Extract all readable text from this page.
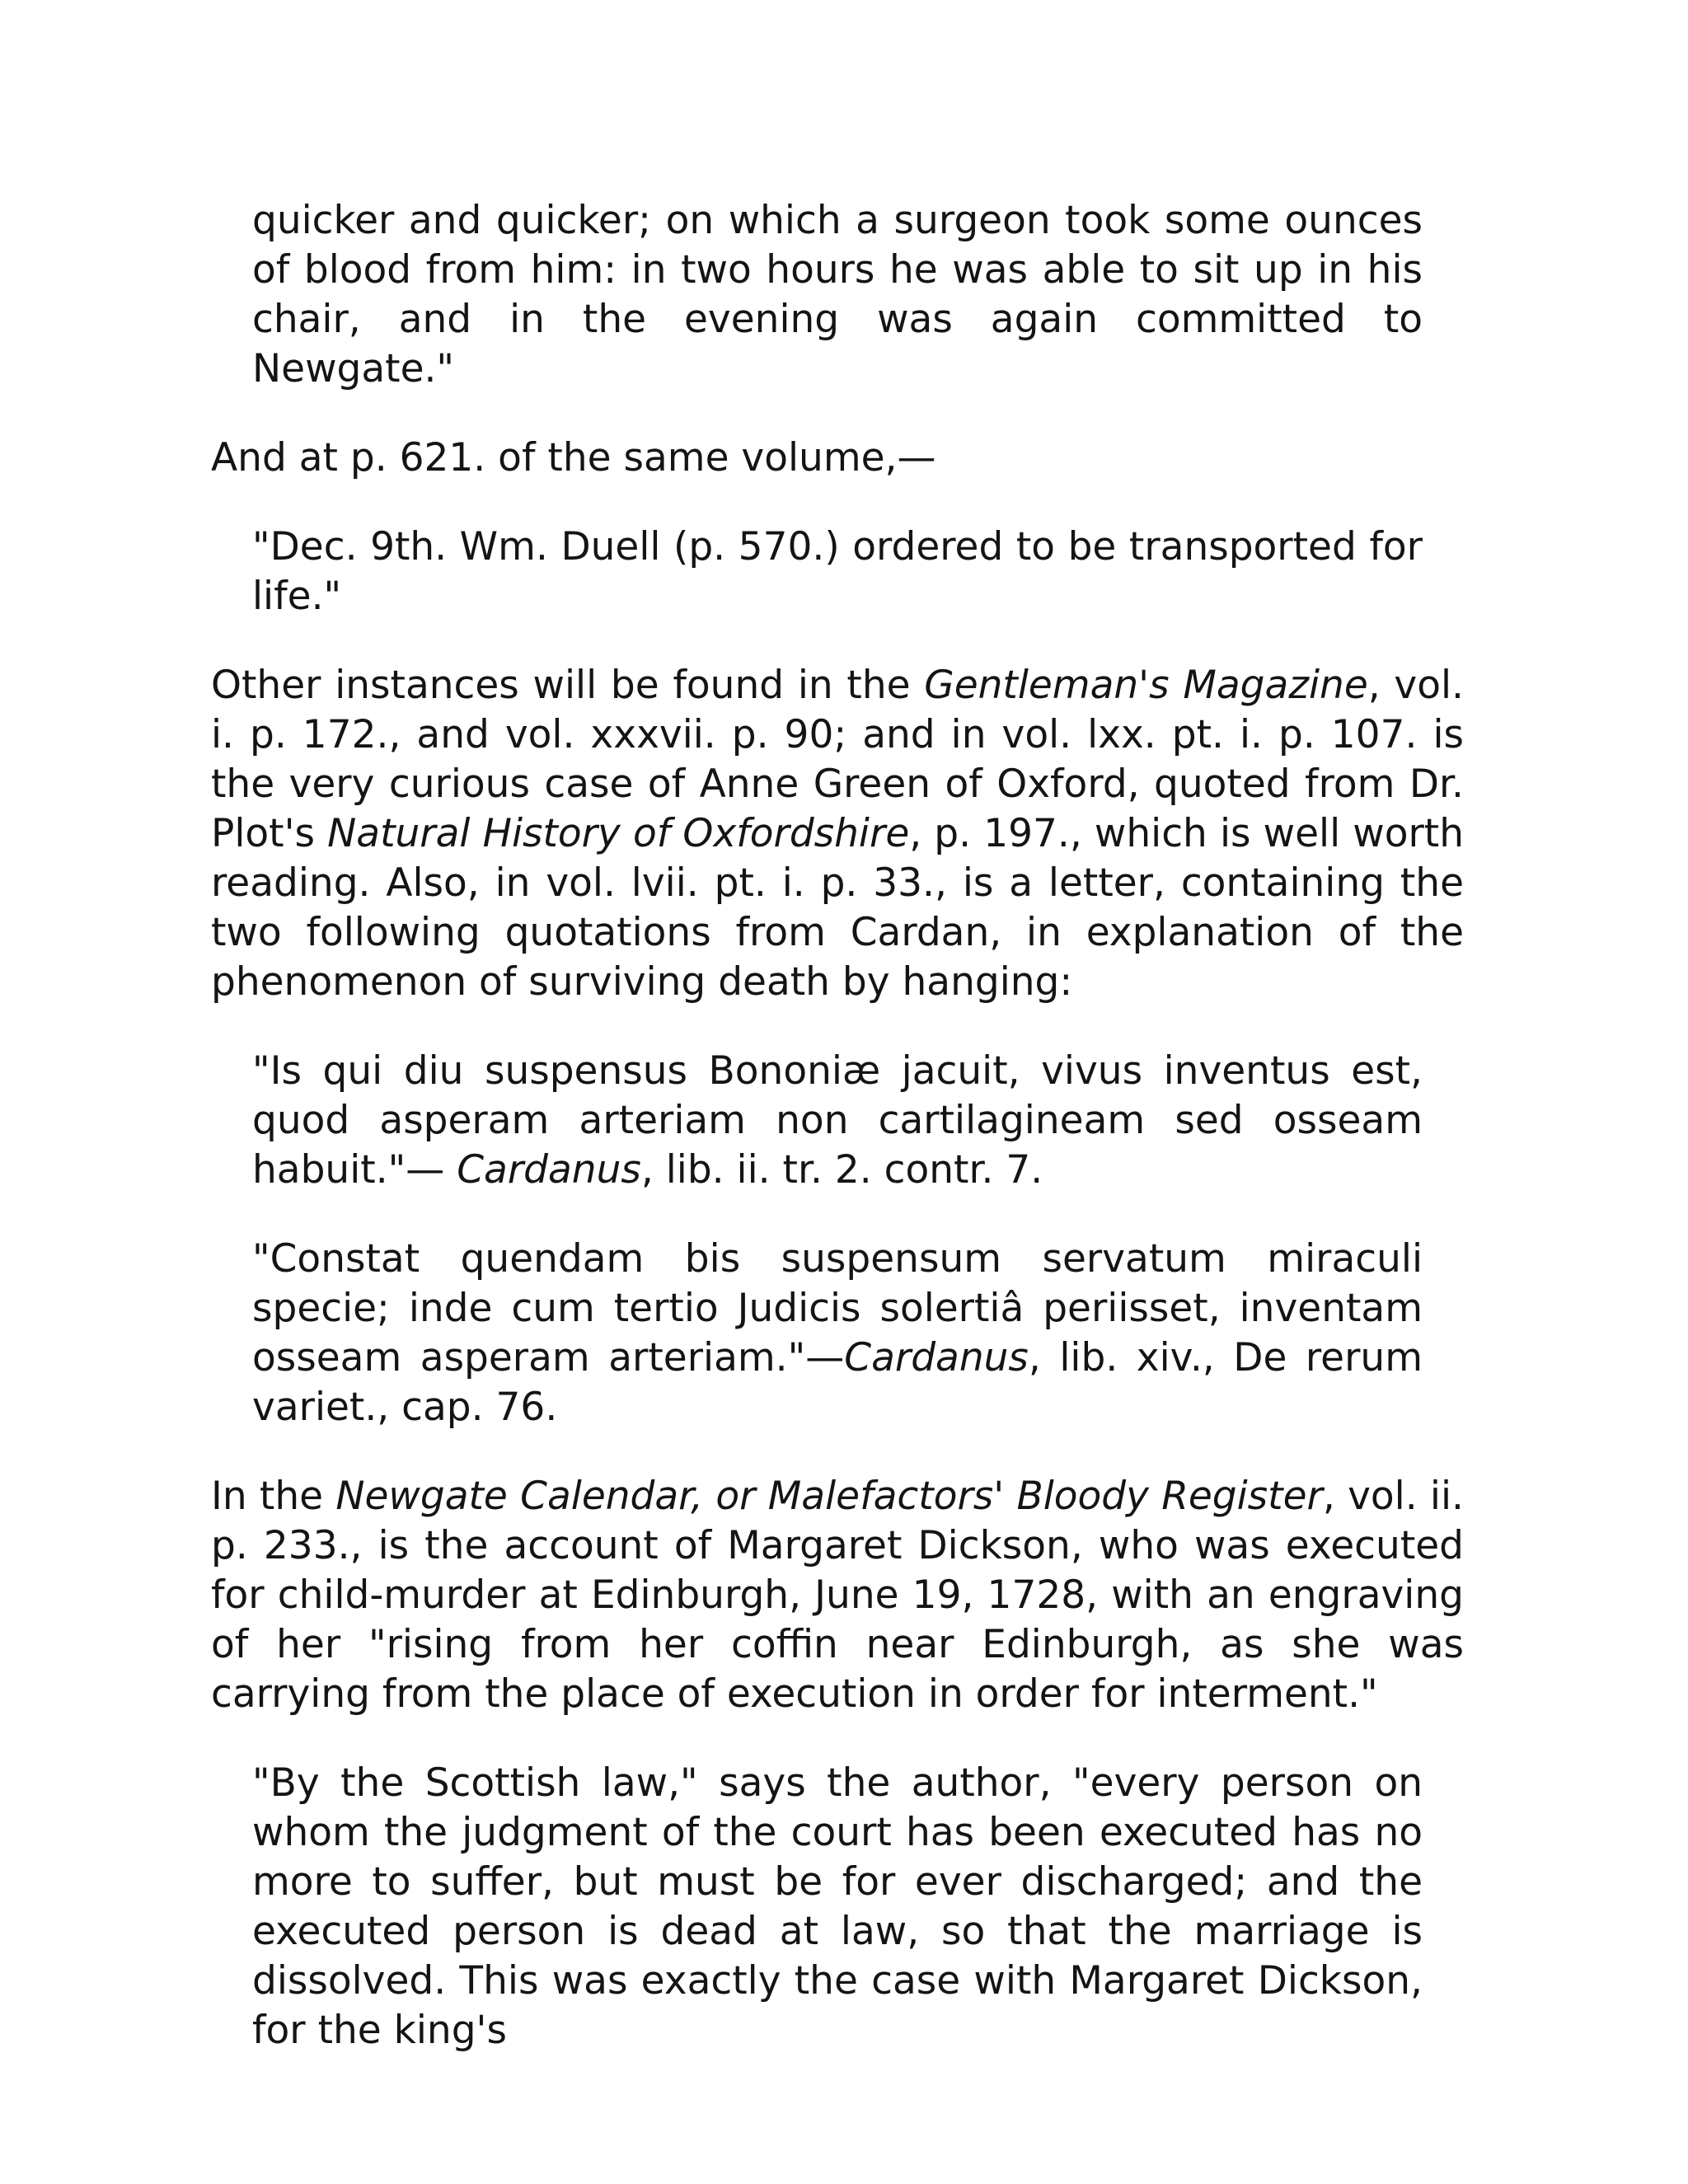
quicker and quicker; on which a surgeon took some ounces of blood from him: in two hours he was able to sit up in his chair, and in the evening was again committed to Newgate."

And at p. 621. of the same volume,—

"Dec. 9th. Wm. Duell (p. 570.) ordered to be transported for life."

Other instances will be found in the Gentleman's Magazine, vol. i. p. 172., and vol. xxxvii. p. 90; and in vol. lxx. pt. i. p. 107. is the very curious case of Anne Green of Oxford, quoted from Dr. Plot's Natural History of Oxfordshire, p. 197., which is well worth reading. Also, in vol. lvii. pt. i. p. 33., is a letter, containing the two following quotations from Cardan, in explanation of the phenomenon of surviving death by hanging:

"Is qui diu suspensus Bononiæ jacuit, vivus inventus est, quod asperam arteriam non cartilagineam sed osseam habuit."— Cardanus, lib. ii. tr. 2. contr. 7.

"Constat quendam bis suspensum servatum miraculi specie; inde cum tertio Judicis solertiâ periisset, inventam osseam asperam arteriam."—Cardanus, lib. xiv., De rerum variet., cap. 76.

In the Newgate Calendar, or Malefactors' Bloody Register, vol. ii. p. 233., is the account of Margaret Dickson, who was executed for child-murder at Edinburgh, June 19, 1728, with an engraving of her "rising from her coffin near Edinburgh, as she was carrying from the place of execution in order for interment."

"By the Scottish law," says the author, "every person on whom the judgment of the court has been executed has no more to suffer, but must be for ever discharged; and the executed person is dead at law, so that the marriage is dissolved. This was exactly the case with Margaret Dickson, for the king's
